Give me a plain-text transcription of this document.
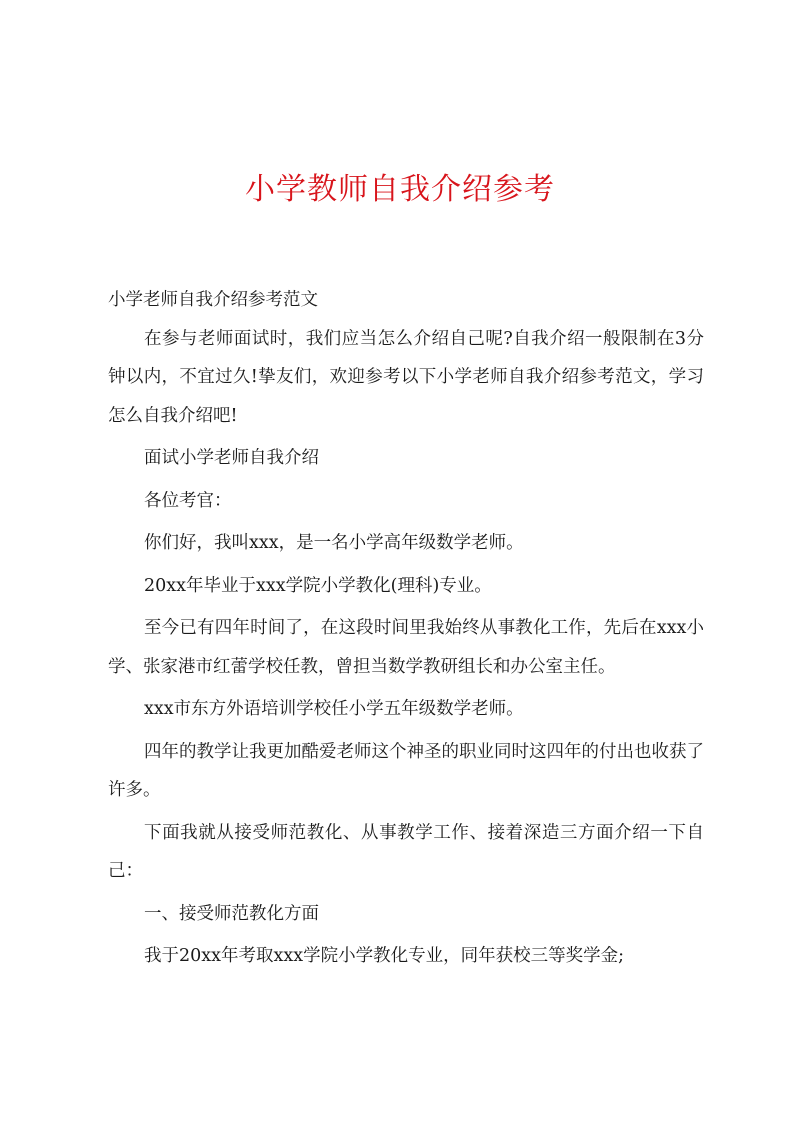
小学教师自我介绍参考

小学老师自我介绍参考范文

在参与老师面试时，我们应当怎么介绍自己呢?自我介绍一般限制在3分钟以内，不宜过久!挚友们，欢迎参考以下小学老师自我介绍参考范文，学习怎么自我介绍吧!

面试小学老师自我介绍

各位考官：

你们好，我叫xxx，是一名小学高年级数学老师。

20xx年毕业于xxx学院小学教化(理科)专业。

至今已有四年时间了，在这段时间里我始终从事教化工作，先后在xxx小学、张家港市红蕾学校任教，曾担当数学教研组长和办公室主任。

xxx市东方外语培训学校任小学五年级数学老师。

四年的教学让我更加酷爱老师这个神圣的职业同时这四年的付出也收获了许多。

下面我就从接受师范教化、从事教学工作、接着深造三方面介绍一下自己：

一、接受师范教化方面

我于20xx年考取xxx学院小学教化专业，同年获校三等奖学金;
